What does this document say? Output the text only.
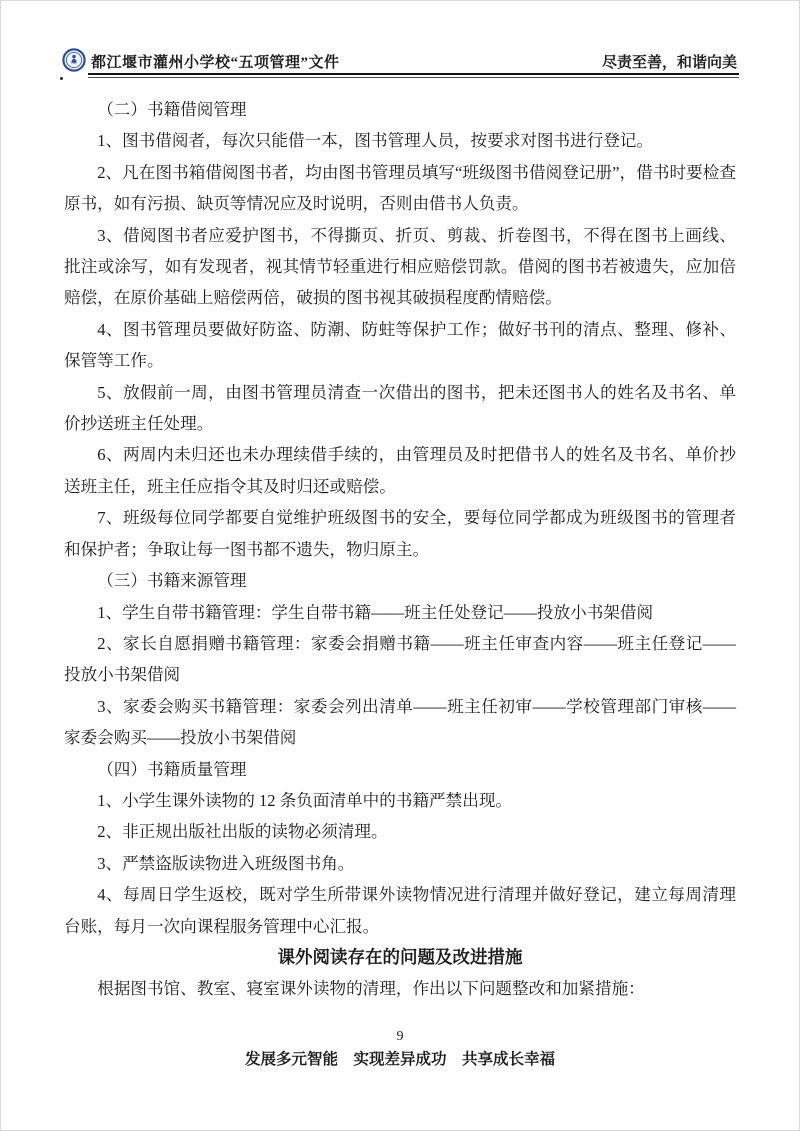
都江堰市灌州小学校“五项管理”文件	尽责至善，和谐向美

（二）书籍借阅管理

1、图书借阅者，每次只能借一本，图书管理人员，按要求对图书进行登记。

2、凡在图书箱借阅图书者，均由图书管理员填写“班级图书借阅登记册”，借书时要检查原书，如有污损、缺页等情况应及时说明，否则由借书人负责。

3、借阅图书者应爱护图书，不得撕页、折页、剪裁、折卷图书，不得在图书上画线、批注或涂写，如有发现者，视其情节轻重进行相应赔偿罚款。借阅的图书若被遗失，应加倍赔偿，在原价基础上赔偿两倍，破损的图书视其破损程度酌情赔偿。

4、图书管理员要做好防盗、防潮、防蛀等保护工作；做好书刊的清点、整理、修补、保管等工作。

5、放假前一周，由图书管理员清查一次借出的图书，把未还图书人的姓名及书名、单价抄送班主任处理。

6、两周内未归还也未办理续借手续的，由管理员及时把借书人的姓名及书名、单价抄送班主任，班主任应指令其及时归还或赔偿。

7、班级每位同学都要自觉维护班级图书的安全，要每位同学都成为班级图书的管理者和保护者；争取让每一图书都不遗失，物归原主。

（三）书籍来源管理

1、学生自带书籍管理：学生自带书籍——班主任处登记——投放小书架借阅

2、家长自愿捐赠书籍管理：家委会捐赠书籍——班主任审查内容——班主任登记——投放小书架借阅

3、家委会购买书籍管理：家委会列出清单——班主任初审——学校管理部门审核——家委会购买——投放小书架借阅

（四）书籍质量管理

1、小学生课外读物的 12 条负面清单中的书籍严禁出现。

2、非正规出版社出版的读物必须清理。

3、严禁盗版读物进入班级图书角。

4、每周日学生返校，既对学生所带课外读物情况进行清理并做好登记，建立每周清理台账，每月一次向课程服务管理中心汇报。

课外阅读存在的问题及改进措施

根据图书馆、教室、寝室课外读物的清理，作出以下问题整改和加紧措施：

9
发展多元智能　实现差异成功　共享成长幸福
